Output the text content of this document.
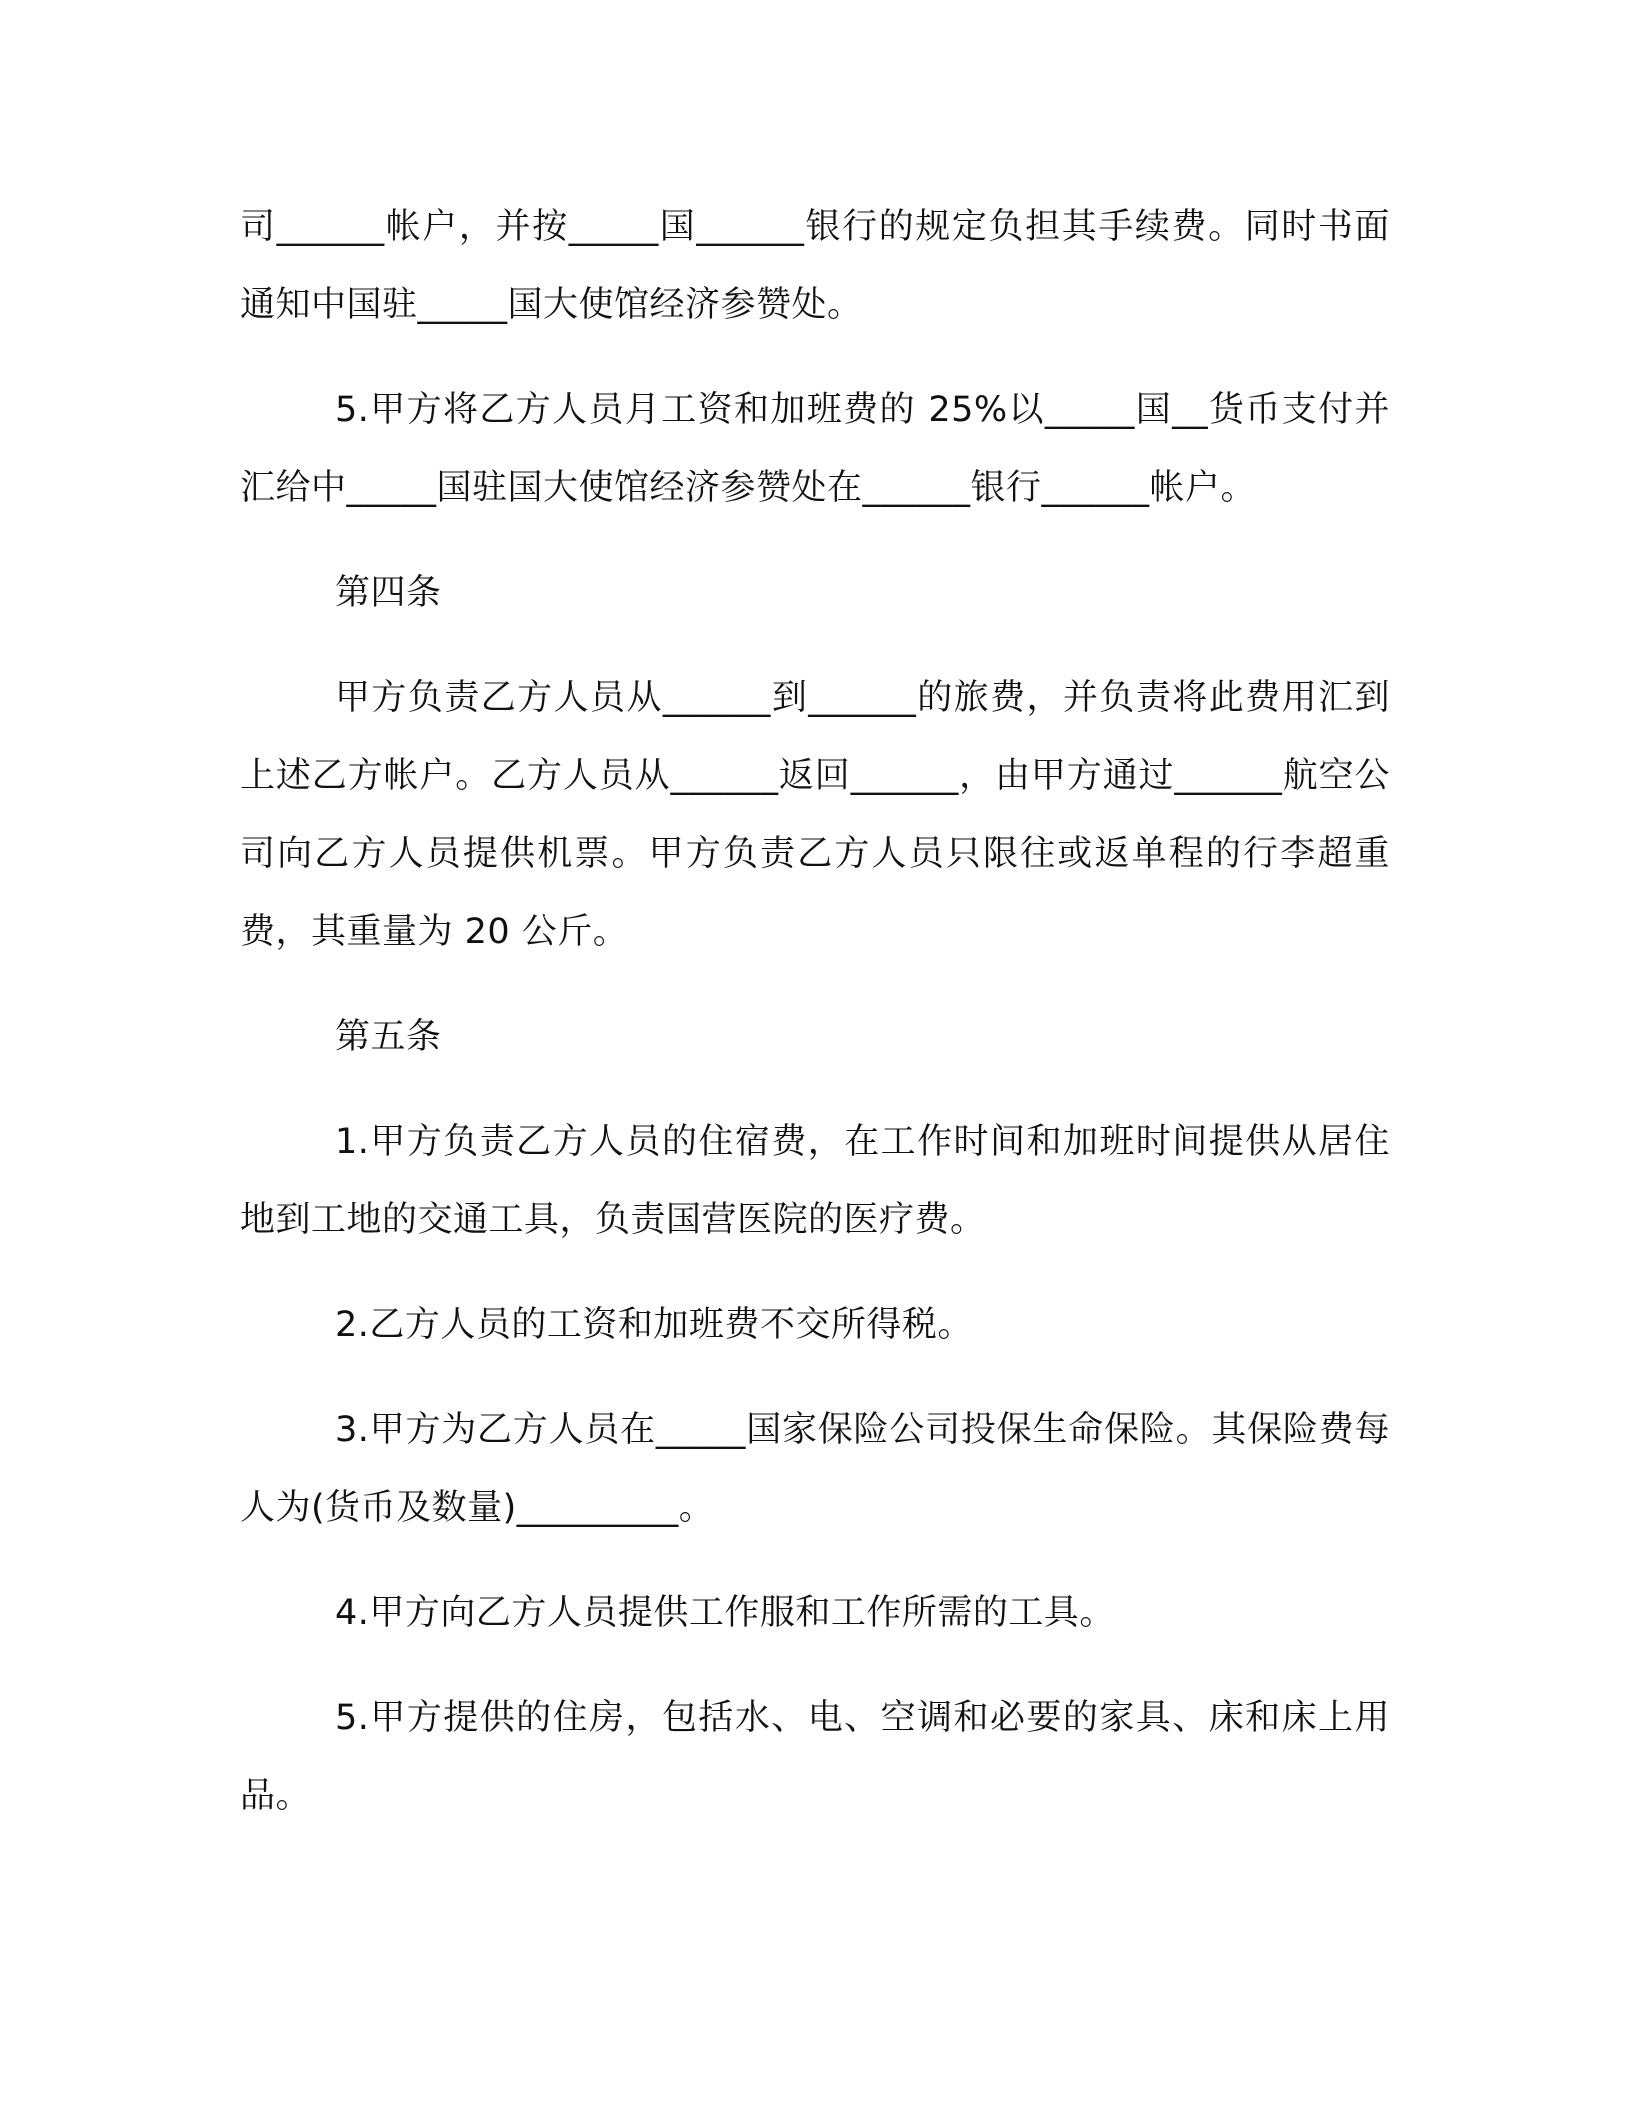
司______帐户，并按_____国______银行的规定负担其手续费。同时书面通知中国驻_____国大使馆经济参赞处。

5.甲方将乙方人员月工资和加班费的 25%以_____国__货币支付并汇给中_____国驻国大使馆经济参赞处在______银行______帐户。

第四条

甲方负责乙方人员从______到______的旅费，并负责将此费用汇到上述乙方帐户。乙方人员从______返回______，由甲方通过______航空公司向乙方人员提供机票。甲方负责乙方人员只限往或返单程的行李超重费，其重量为 20 公斤。

第五条

1.甲方负责乙方人员的住宿费，在工作时间和加班时间提供从居住地到工地的交通工具，负责国营医院的医疗费。

2.乙方人员的工资和加班费不交所得税。

3.甲方为乙方人员在_____国家保险公司投保生命保险。其保险费每人为(货币及数量)_________。

4.甲方向乙方人员提供工作服和工作所需的工具。

5.甲方提供的住房，包括水、电、空调和必要的家具、床和床上用品。
